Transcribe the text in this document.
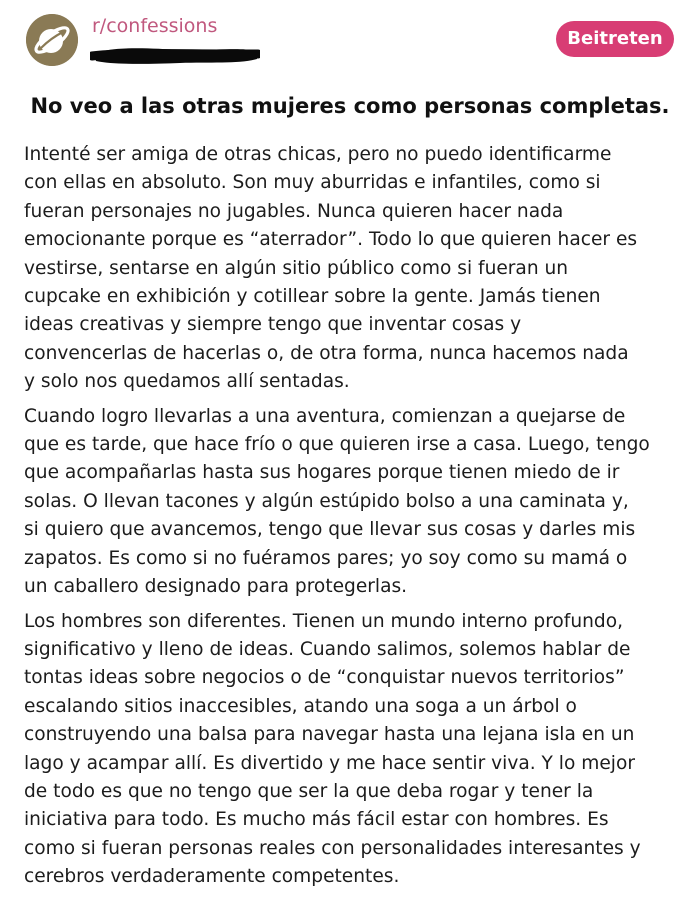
r/confessions
Beitreten
No veo a las otras mujeres como personas completas.

Intenté ser amiga de otras chicas, pero no puedo identificarme
con ellas en absoluto. Son muy aburridas e infantiles, como si
fueran personajes no jugables. Nunca quieren hacer nada
emocionante porque es “aterrador”. Todo lo que quieren hacer es
vestirse, sentarse en algún sitio público como si fueran un
cupcake en exhibición y cotillear sobre la gente. Jamás tienen
ideas creativas y siempre tengo que inventar cosas y
convencerlas de hacerlas o, de otra forma, nunca hacemos nada
y solo nos quedamos allí sentadas.

Cuando logro llevarlas a una aventura, comienzan a quejarse de
que es tarde, que hace frío o que quieren irse a casa. Luego, tengo
que acompañarlas hasta sus hogares porque tienen miedo de ir
solas. O llevan tacones y algún estúpido bolso a una caminata y,
si quiero que avancemos, tengo que llevar sus cosas y darles mis
zapatos. Es como si no fuéramos pares; yo soy como su mamá o
un caballero designado para protegerlas.

Los hombres son diferentes. Tienen un mundo interno profundo,
significativo y lleno de ideas. Cuando salimos, solemos hablar de
tontas ideas sobre negocios o de “conquistar nuevos territorios”
escalando sitios inaccesibles, atando una soga a un árbol o
construyendo una balsa para navegar hasta una lejana isla en un
lago y acampar allí. Es divertido y me hace sentir viva. Y lo mejor
de todo es que no tengo que ser la que deba rogar y tener la
iniciativa para todo. Es mucho más fácil estar con hombres. Es
como si fueran personas reales con personalidades interesantes y
cerebros verdaderamente competentes.
